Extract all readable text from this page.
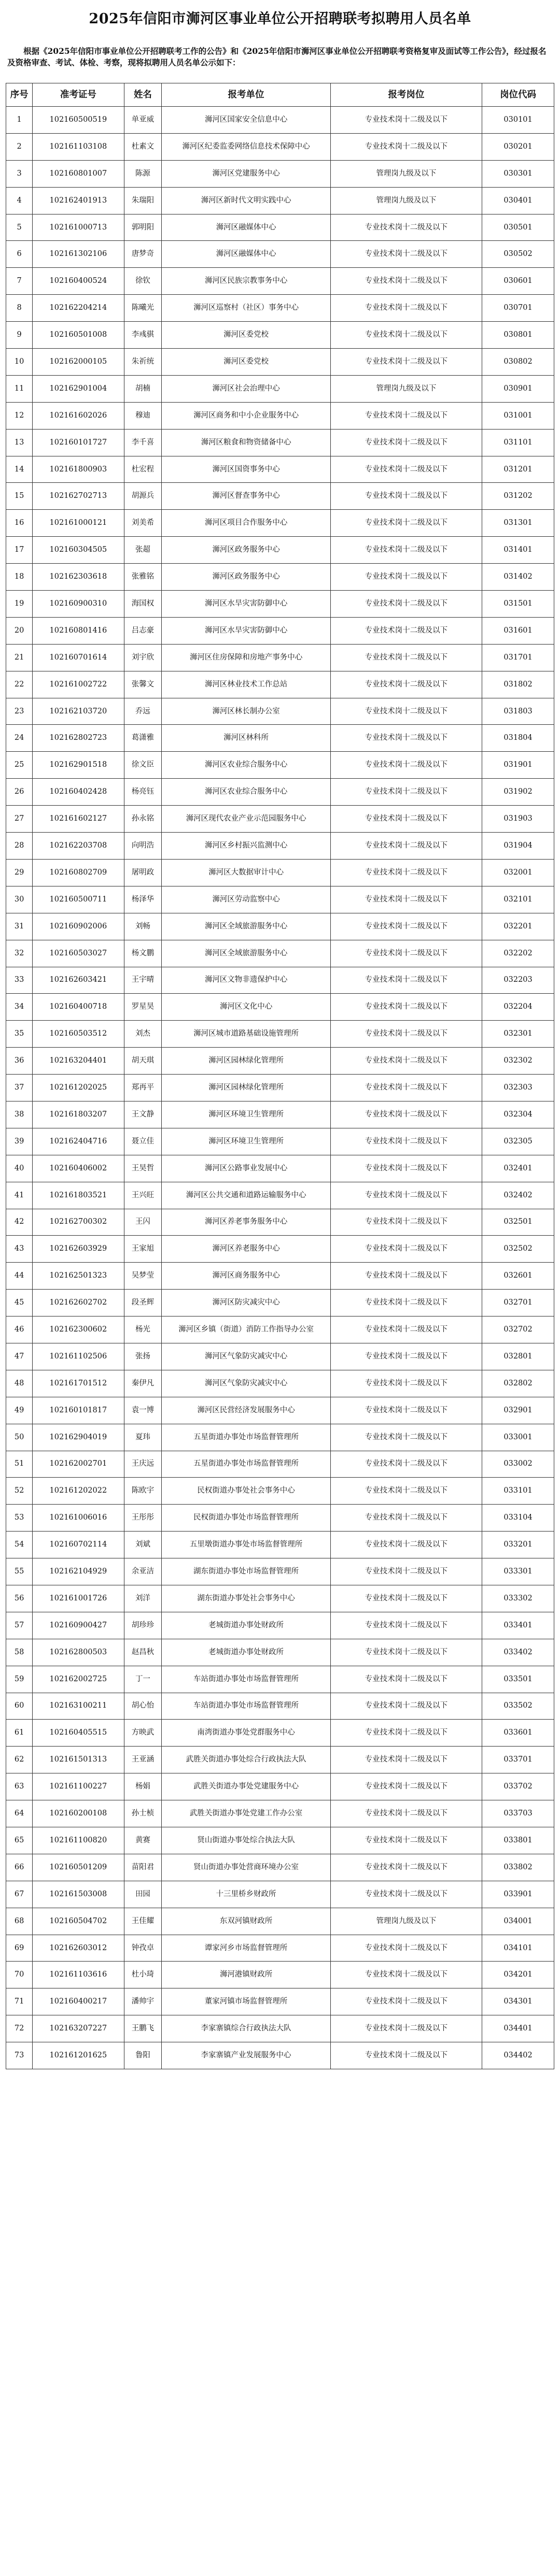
2025年信阳市浉河区事业单位公开招聘联考拟聘用人员名单
根据《2025年信阳市事业单位公开招聘联考工作的公告》和《2025年信阳市浉河区事业单位公开招聘联考资格复审及面试等工作公告》，经过报名及资格审查、考试、体检、考察，现将拟聘用人员名单公示如下：
序号	准考证号	姓名	报考单位	报考岗位	岗位代码
1	102160500519	单亚威	浉河区国家安全信息中心	专业技术岗十二级及以下	030101
2	102161103108	杜素文	浉河区纪委监委网络信息技术保障中心	专业技术岗十二级及以下	030201
3	102160801007	陈源	浉河区党建服务中心	管理岗九级及以下	030301
4	102162401913	朱瑞阳	浉河区新时代文明实践中心	管理岗九级及以下	030401
5	102161000713	郭明阳	浉河区融媒体中心	专业技术岗十二级及以下	030501
6	102161302106	唐梦奇	浉河区融媒体中心	专业技术岗十二级及以下	030502
7	102160400524	徐钦	浉河区民族宗教事务中心	专业技术岗十二级及以下	030601
8	102162204214	陈曦光	浉河区巡察村（社区）事务中心	专业技术岗十二级及以下	030701
9	102160501008	李彧骐	浉河区委党校	专业技术岗十二级及以下	030801
10	102162000105	朱祈统	浉河区委党校	专业技术岗十二级及以下	030802
11	102162901004	胡楠	浉河区社会治理中心	管理岗九级及以下	030901
12	102161602026	穆迪	浉河区商务和中小企业服务中心	专业技术岗十二级及以下	031001
13	102160101727	李千喜	浉河区粮食和物资储备中心	专业技术岗十二级及以下	031101
14	102161800903	杜宏程	浉河区国资事务中心	专业技术岗十二级及以下	031201
15	102162702713	胡源兵	浉河区督查事务中心	专业技术岗十二级及以下	031202
16	102161000121	刘美希	浉河区项目合作服务中心	专业技术岗十二级及以下	031301
17	102160304505	张超	浉河区政务服务中心	专业技术岗十二级及以下	031401
18	102162303618	张雅铭	浉河区政务服务中心	专业技术岗十二级及以下	031402
19	102160900310	海国权	浉河区水旱灾害防御中心	专业技术岗十二级及以下	031501
20	102160801416	吕志豪	浉河区水旱灾害防御中心	专业技术岗十二级及以下	031601
21	102160701614	刘宇欣	浉河区住房保障和房地产事务中心	专业技术岗十二级及以下	031701
22	102161002722	张馨文	浉河区林业技术工作总站	专业技术岗十二级及以下	031802
23	102162103720	乔远	浉河区林长制办公室	专业技术岗十二级及以下	031803
24	102162802723	葛潇雅	浉河区林科所	专业技术岗十二级及以下	031804
25	102162901518	徐文臣	浉河区农业综合服务中心	专业技术岗十二级及以下	031901
26	102160402428	杨亮钰	浉河区农业综合服务中心	专业技术岗十二级及以下	031902
27	102161602127	孙永铭	浉河区现代农业产业示范园服务中心	专业技术岗十二级及以下	031903
28	102162203708	向明浩	浉河区乡村振兴监测中心	专业技术岗十二级及以下	031904
29	102160802709	屠明政	浉河区大数据审计中心	专业技术岗十二级及以下	032001
30	102160500711	杨泽华	浉河区劳动监察中心	专业技术岗十二级及以下	032101
31	102160902006	刘畅	浉河区全域旅游服务中心	专业技术岗十二级及以下	032201
32	102160503027	杨文鹏	浉河区全域旅游服务中心	专业技术岗十二级及以下	032202
33	102162603421	王宇晴	浉河区文物非遗保护中心	专业技术岗十二级及以下	032203
34	102160400718	罗星昊	浉河区文化中心	专业技术岗十二级及以下	032204
35	102160503512	刘杰	浉河区城市道路基础设施管理所	专业技术岗十二级及以下	032301
36	102163204401	胡天琪	浉河区园林绿化管理所	专业技术岗十二级及以下	032302
37	102161202025	郑再平	浉河区园林绿化管理所	专业技术岗十二级及以下	032303
38	102161803207	王文静	浉河区环境卫生管理所	专业技术岗十二级及以下	032304
39	102162404716	聂立佳	浉河区环境卫生管理所	专业技术岗十二级及以下	032305
40	102160406002	王昊哲	浉河区公路事业发展中心	专业技术岗十二级及以下	032401
41	102161803521	王兴旺	浉河区公共交通和道路运输服务中心	专业技术岗十二级及以下	032402
42	102162700302	王闪	浉河区养老事务服务中心	专业技术岗十二级及以下	032501
43	102162603929	王家旭	浉河区养老服务中心	专业技术岗十二级及以下	032502
44	102162501323	吴梦莹	浉河区商务服务中心	专业技术岗十二级及以下	032601
45	102162602702	段圣辉	浉河区防灾减灾中心	专业技术岗十二级及以下	032701
46	102162300602	杨光	浉河区乡镇（街道）消防工作指导办公室	专业技术岗十二级及以下	032702
47	102161102506	张扬	浉河区气象防灾减灾中心	专业技术岗十二级及以下	032801
48	102161701512	秦伊凡	浉河区气象防灾减灾中心	专业技术岗十二级及以下	032802
49	102160101817	袁一博	浉河区民营经济发展服务中心	专业技术岗十二级及以下	032901
50	102162904019	夏玮	五星街道办事处市场监督管理所	专业技术岗十二级及以下	033001
51	102162002701	王庆远	五星街道办事处市场监督管理所	专业技术岗十二级及以下	033002
52	102161202022	陈欧宇	民权街道办事处社会事务中心	专业技术岗十二级及以下	033101
53	102161006016	王彤彤	民权街道办事处市场监督管理所	专业技术岗十二级及以下	033104
54	102160702114	刘斌	五里墩街道办事处市场监督管理所	专业技术岗十二级及以下	033201
55	102162104929	余亚洁	湖东街道办事处市场监督管理所	专业技术岗十二级及以下	033301
56	102161001726	刘洋	湖东街道办事处社会事务中心	专业技术岗十二级及以下	033302
57	102160900427	胡珍珍	老城街道办事处财政所	专业技术岗十二级及以下	033401
58	102162800503	赵昌秋	老城街道办事处财政所	专业技术岗十二级及以下	033402
59	102162002725	丁一	车站街道办事处市场监督管理所	专业技术岗十二级及以下	033501
60	102163100211	胡心怡	车站街道办事处市场监督管理所	专业技术岗十二级及以下	033502
61	102160405515	方映武	南湾街道办事处党群服务中心	专业技术岗十二级及以下	033601
62	102161501313	王亚涵	武胜关街道办事处综合行政执法大队	专业技术岗十二级及以下	033701
63	102161100227	杨娟	武胜关街道办事处党建服务中心	专业技术岗十二级及以下	033702
64	102160200108	孙士桢	武胜关街道办事处党建工作办公室	专业技术岗十二级及以下	033703
65	102161100820	黄赛	贤山街道办事处综合执法大队	专业技术岗十二级及以下	033801
66	102160501209	苗阳君	贤山街道办事处营商环境办公室	专业技术岗十二级及以下	033802
67	102161503008	田园	十三里桥乡财政所	专业技术岗十二级及以下	033901
68	102160504702	王佳耀	东双河镇财政所	管理岗九级及以下	034001
69	102162603012	钟孜卓	谭家河乡市场监督管理所	专业技术岗十二级及以下	034101
70	102161103616	杜小琦	浉河港镇财政所	专业技术岗十二级及以下	034201
71	102160400217	潘帅宇	董家河镇市场监督管理所	专业技术岗十二级及以下	034301
72	102163207227	王鹏飞	李家寨镇综合行政执法大队	专业技术岗十二级及以下	034401
73	102161201625	鲁阳	李家寨镇产业发展服务中心	专业技术岗十二级及以下	034402
